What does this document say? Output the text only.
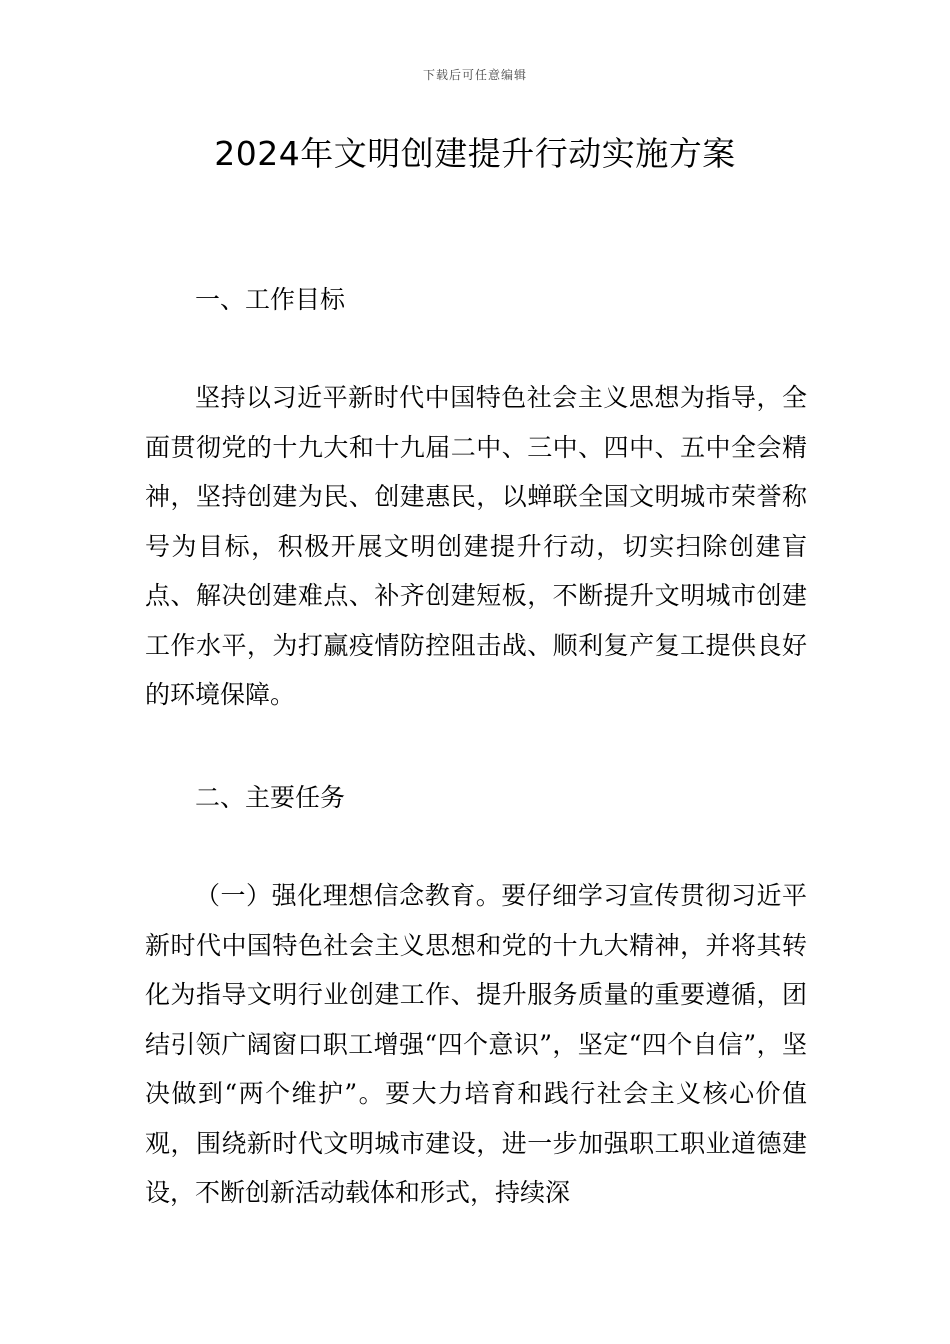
下载后可任意编辑
2024年文明创建提升行动实施方案
一、工作目标

坚持以习近平新时代中国特色社会主义思想为指导，全面贯彻党的十九大和十九届二中、三中、四中、五中全会精神，坚持创建为民、创建惠民，以蝉联全国文明城市荣誉称号为目标，积极开展文明创建提升行动，切实扫除创建盲点、解决创建难点、补齐创建短板，不断提升文明城市创建工作水平，为打赢疫情防控阻击战、顺利复产复工提供良好的环境保障。

二、主要任务

（一）强化理想信念教育。要仔细学习宣传贯彻习近平新时代中国特色社会主义思想和党的十九大精神，并将其转化为指导文明行业创建工作、提升服务质量的重要遵循，团结引领广阔窗口职工增强“四个意识”，坚定“四个自信”，坚决做到“两个维护”。要大力培育和践行社会主义核心价值观，围绕新时代文明城市建设，进一步加强职工职业道德建设，不断创新活动载体和形式，持续深
